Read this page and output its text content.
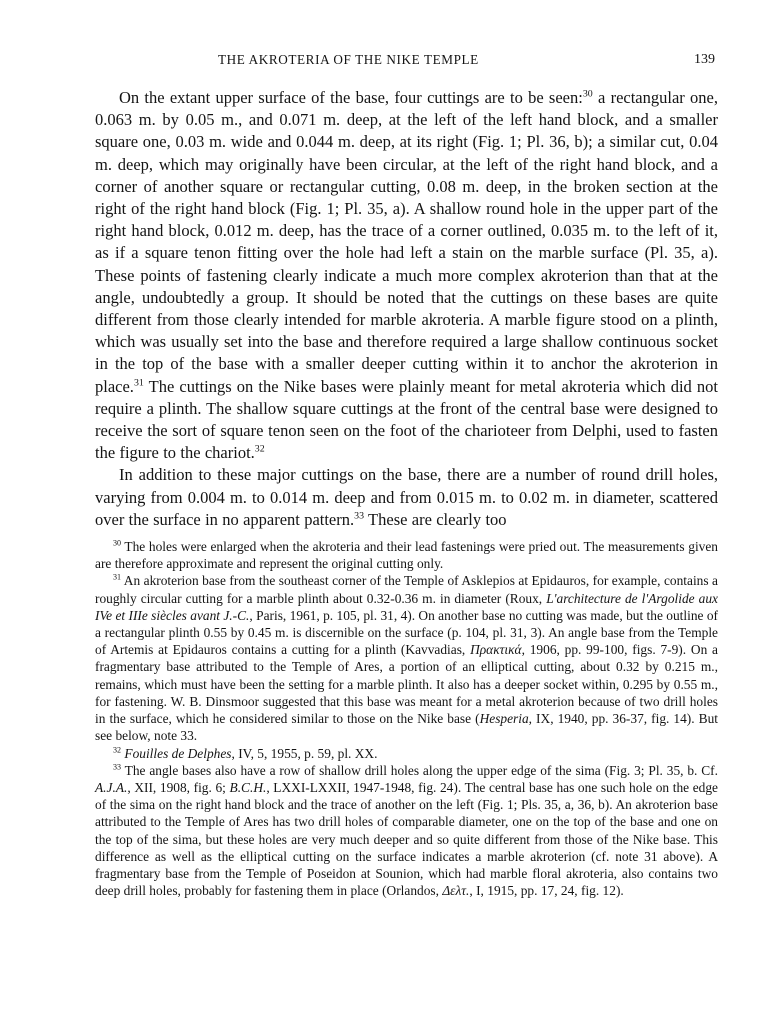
THE AKROTERIA OF THE NIKE TEMPLE	139

On the extant upper surface of the base, four cuttings are to be seen:$^{30}$ a rectangular one, 0.063 m. by 0.05 m., and 0.071 m. deep, at the left of the left hand block, and a smaller square one, 0.03 m. wide and 0.044 m. deep, at its right (Fig. 1; Pl. 36, b); a similar cut, 0.04 m. deep, which may originally have been circular, at the left of the right hand block, and a corner of another square or rectangular cutting, 0.08 m. deep, in the broken section at the right of the right hand block (Fig. 1; Pl. 35, a). A shallow round hole in the upper part of the right hand block, 0.012 m. deep, has the trace of a corner outlined, 0.035 m. to the left of it, as if a square tenon fitting over the hole had left a stain on the marble surface (Pl. 35, a). These points of fastening clearly indicate a much more complex akroterion than that at the angle, undoubtedly a group. It should be noted that the cuttings on these bases are quite different from those clearly intended for marble akroteria. A marble figure stood on a plinth, which was usually set into the base and therefore required a large shallow continuous socket in the top of the base with a smaller deeper cutting within it to anchor the akroterion in place.$^{31}$ The cuttings on the Nike bases were plainly meant for metal akroteria which did not require a plinth. The shallow square cuttings at the front of the central base were designed to receive the sort of square tenon seen on the foot of the charioteer from Delphi, used to fasten the figure to the chariot.$^{32}$

In addition to these major cuttings on the base, there are a number of round drill holes, varying from 0.004 m. to 0.014 m. deep and from 0.015 m. to 0.02 m. in diameter, scattered over the surface in no apparent pattern.$^{33}$ These are clearly too

$^{30}$ The holes were enlarged when the akroteria and their lead fastenings were pried out. The measurements given are therefore approximate and represent the original cutting only.

$^{31}$ An akroterion base from the southeast corner of the Temple of Asklepios at Epidauros, for example, contains a roughly circular cutting for a marble plinth about 0.32-0.36 m. in diameter (Roux, L'architecture de l'Argolide aux IVe et IIIe siècles avant J.-C., Paris, 1961, p. 105, pl. 31, 4). On another base no cutting was made, but the outline of a rectangular plinth 0.55 by 0.45 m. is discernible on the surface (p. 104, pl. 31, 3). An angle base from the Temple of Artemis at Epidauros contains a cutting for a plinth (Kavvadias, Πρακτικά, 1906, pp. 99-100, figs. 7-9). On a fragmentary base attributed to the Temple of Ares, a portion of an elliptical cutting, about 0.32 by 0.215 m., remains, which must have been the setting for a marble plinth. It also has a deeper socket within, 0.295 by 0.55 m., for fastening. W. B. Dinsmoor suggested that this base was meant for a metal akroterion because of two drill holes in the surface, which he considered similar to those on the Nike base (Hesperia, IX, 1940, pp. 36-37, fig. 14). But see below, note 33.

$^{32}$ Fouilles de Delphes, IV, 5, 1955, p. 59, pl. XX.

$^{33}$ The angle bases also have a row of shallow drill holes along the upper edge of the sima (Fig. 3; Pl. 35, b. Cf. A.J.A., XII, 1908, fig. 6; B.C.H., LXXI-LXXII, 1947-1948, fig. 24). The central base has one such hole on the edge of the sima on the right hand block and the trace of another on the left (Fig. 1; Pls. 35, a, 36, b). An akroterion base attributed to the Temple of Ares has two drill holes of comparable diameter, one on the top of the base and one on the top of the sima, but these holes are very much deeper and so quite different from those of the Nike base. This difference as well as the elliptical cutting on the surface indicates a marble akroterion (cf. note 31 above). A fragmentary base from the Temple of Poseidon at Sounion, which had marble floral akroteria, also contains two deep drill holes, probably for fastening them in place (Orlandos, Δελτ., I, 1915, pp. 17, 24, fig. 12).
